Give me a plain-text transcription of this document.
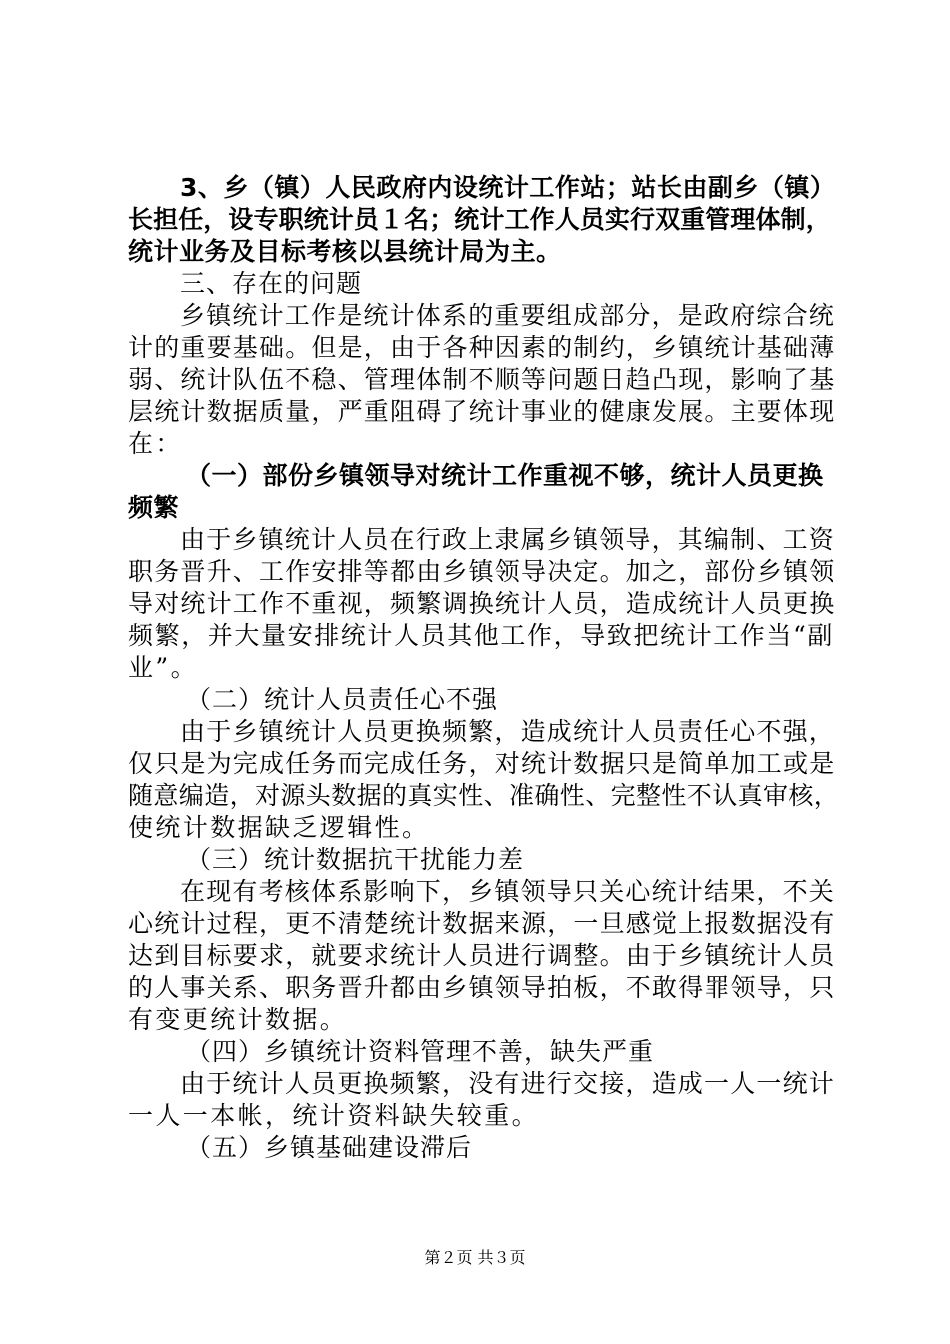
3、乡（镇）人民政府内设统计工作站；站长由副乡（镇）
长担任，设专职统计员１名；统计工作人员实行双重管理体制，
统计业务及目标考核以县统计局为主。
三、存在的问题
乡镇统计工作是统计体系的重要组成部分，是政府综合统
计的重要基础。但是，由于各种因素的制约，乡镇统计基础薄
弱、统计队伍不稳、管理体制不顺等问题日趋凸现，影响了基
层统计数据质量，严重阻碍了统计事业的健康发展。主要体现
在：
（一）部份乡镇领导对统计工作重视不够，统计人员更换
频繁
由于乡镇统计人员在行政上隶属乡镇领导，其编制、工资
职务晋升、工作安排等都由乡镇领导决定。加之，部份乡镇领
导对统计工作不重视，频繁调换统计人员，造成统计人员更换
频繁，并大量安排统计人员其他工作，导致把统计工作当“副
业”。
（二）统计人员责任心不强
由于乡镇统计人员更换频繁，造成统计人员责任心不强，
仅只是为完成任务而完成任务，对统计数据只是简单加工或是
随意编造，对源头数据的真实性、准确性、完整性不认真审核，
使统计数据缺乏逻辑性。
（三）统计数据抗干扰能力差
在现有考核体系影响下，乡镇领导只关心统计结果，不关
心统计过程，更不清楚统计数据来源，一旦感觉上报数据没有
达到目标要求，就要求统计人员进行调整。由于乡镇统计人员
的人事关系、职务晋升都由乡镇领导拍板，不敢得罪领导，只
有变更统计数据。
（四）乡镇统计资料管理不善，缺失严重
由于统计人员更换频繁，没有进行交接，造成一人一统计
一人一本帐，统计资料缺失较重。
（五）乡镇基础建设滞后
第２页 共３页
